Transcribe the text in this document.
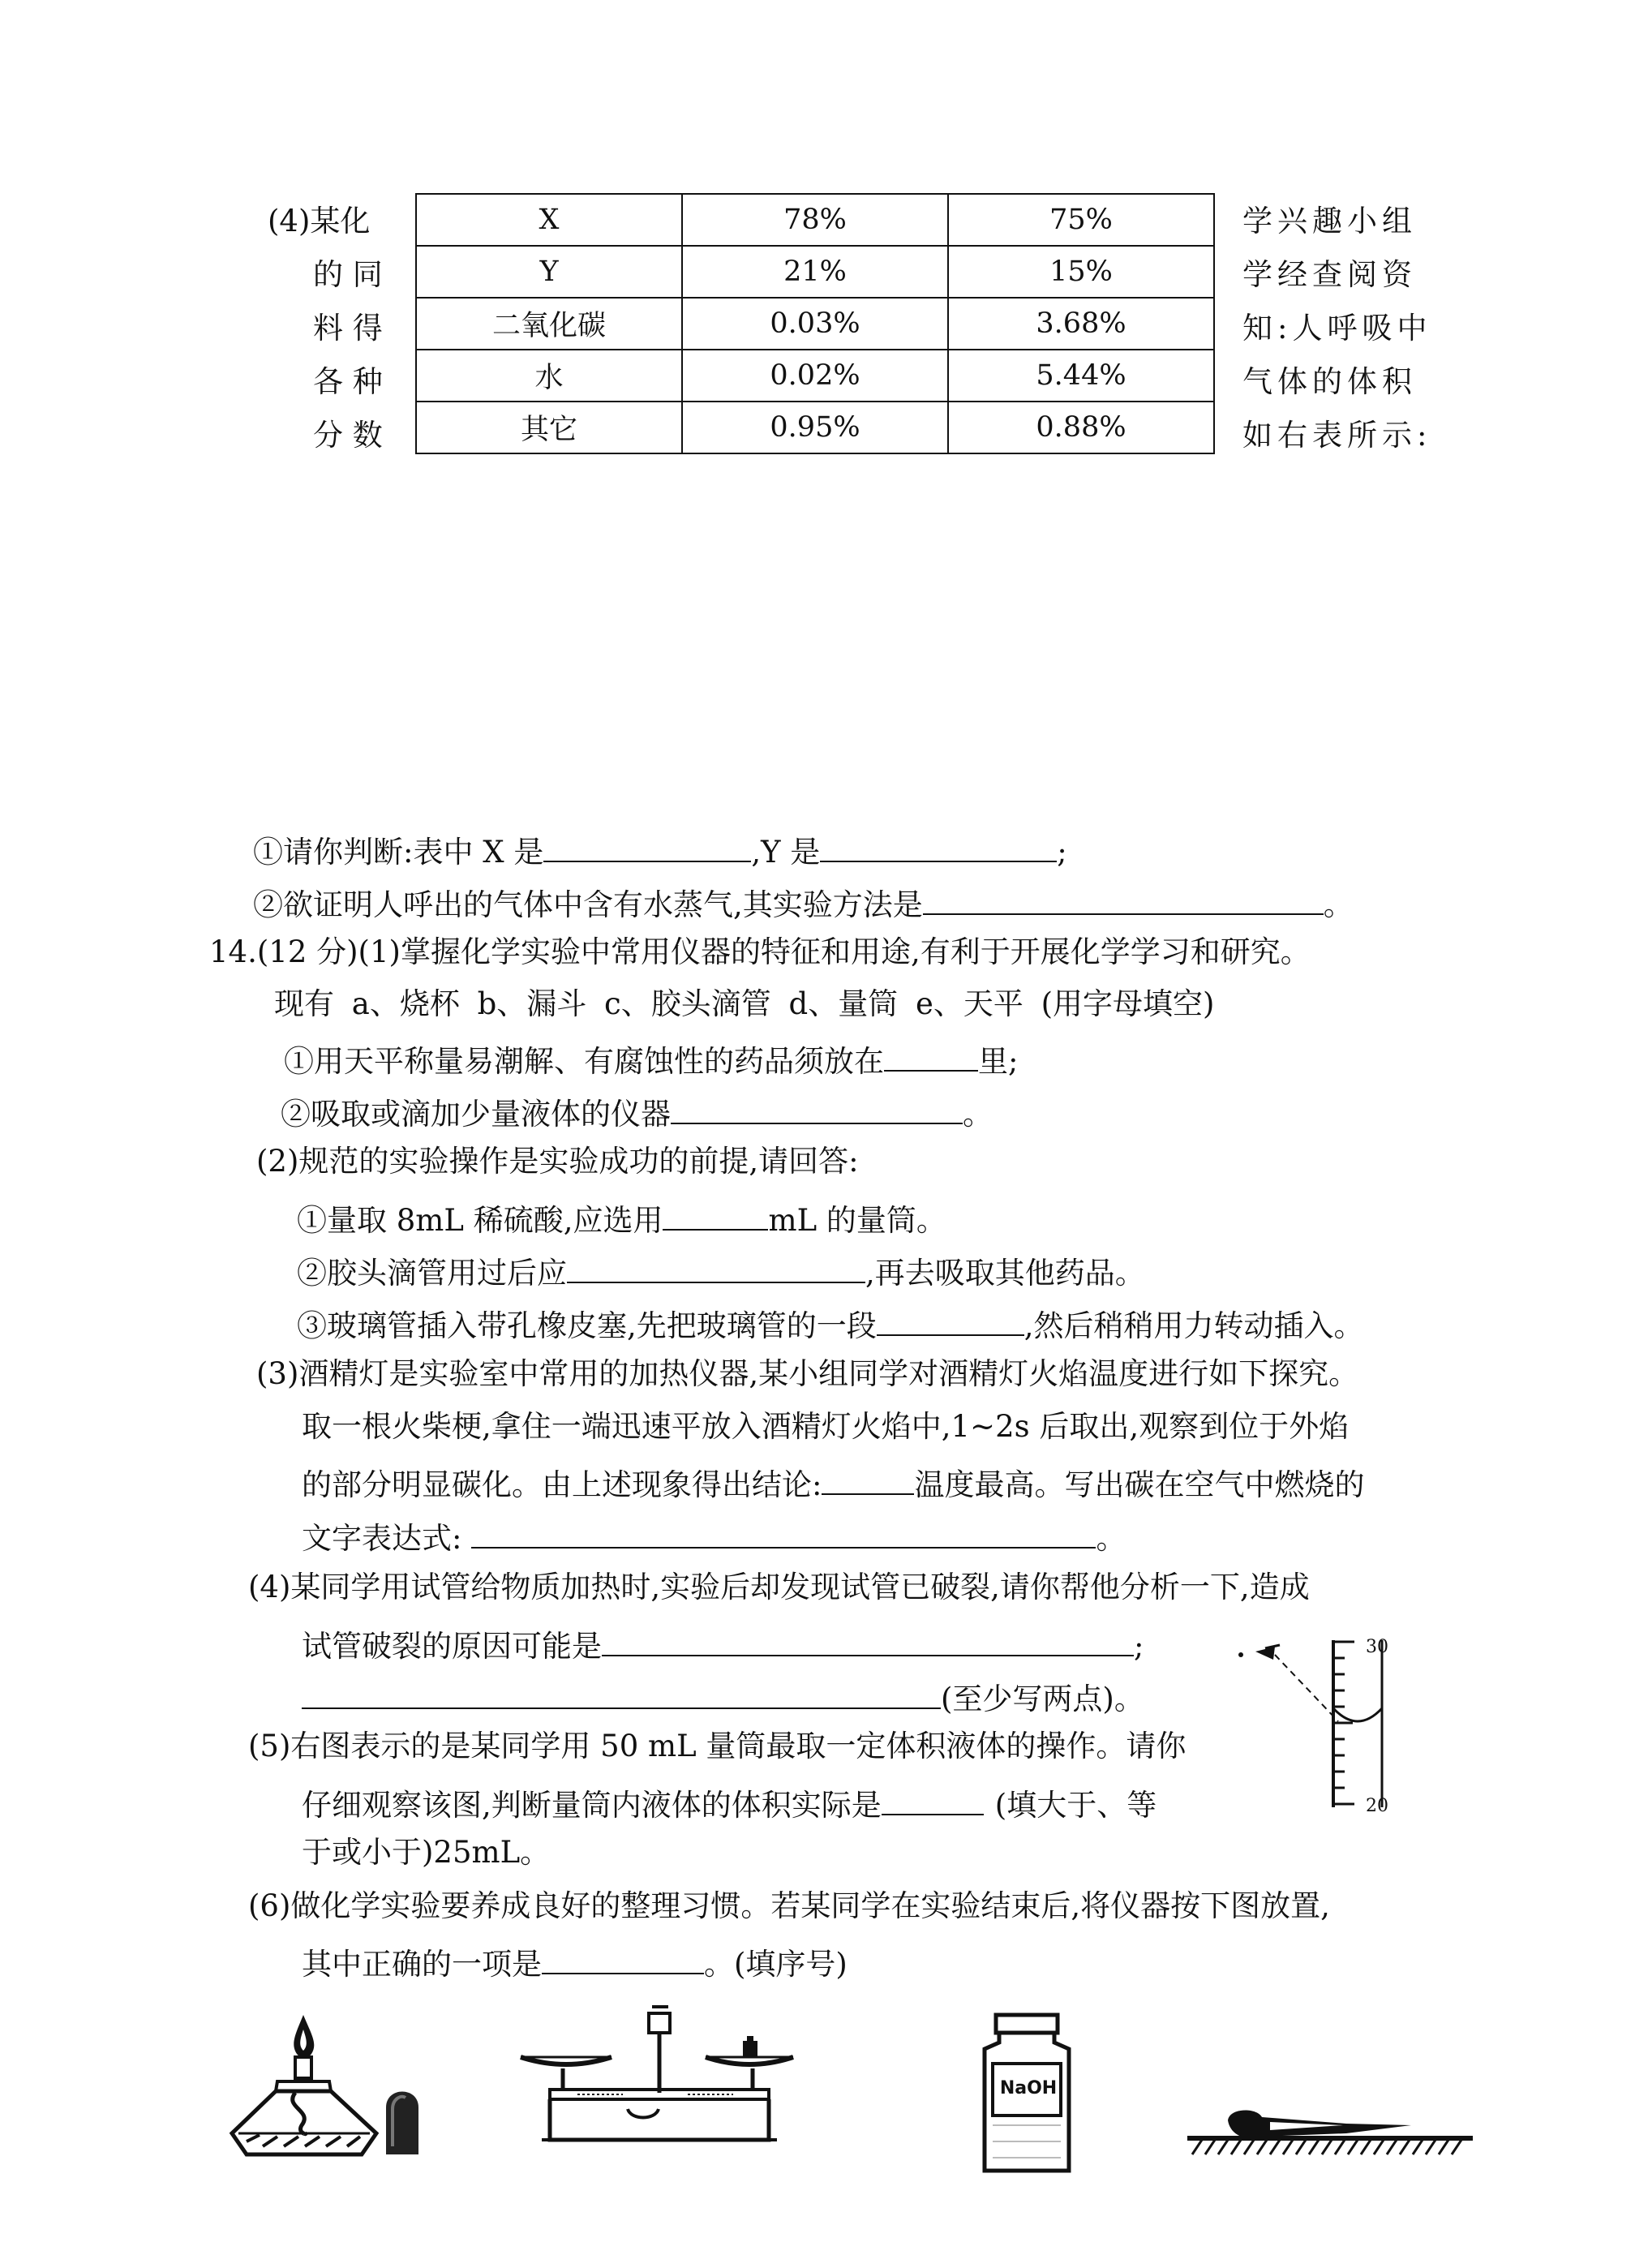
(4)某化
的 同
料 得
各 种
分 数
X	78%	75%
Y	21%	15%
二氧化碳	0.03%	3.68%
水	0.02%	5.44%
其它	0.95%	0.88%
学兴趣小组
学经查阅资
知:人呼吸中
气体的体积
如右表所示:
①请你判断:表中 X 是	,Y 是	;
②欲证明人呼出的气体中含有水蒸气,其实验方法是	。
14.(12 分)(1)掌握化学实验中常用仪器的特征和用途,有利于开展化学学习和研究。
现有 a、烧杯 b、漏斗 c、胶头滴管 d、量筒 e、天平 (用字母填空)
①用天平称量易潮解、有腐蚀性的药品须放在	里;
②吸取或滴加少量液体的仪器	。
(2)规范的实验操作是实验成功的前提,请回答:
①量取 8mL 稀硫酸,应选用	mL 的量筒。
②胶头滴管用过后应	,再去吸取其他药品。
③玻璃管插入带孔橡皮塞,先把玻璃管的一段	,然后稍稍用力转动插入。
(3)酒精灯是实验室中常用的加热仪器,某小组同学对酒精灯火焰温度进行如下探究。
取一根火柴梗,拿住一端迅速平放入酒精灯火焰中,1~2s 后取出,观察到位于外焰
的部分明显碳化。由上述现象得出结论:	温度最高。写出碳在空气中燃烧的
文字表达式:	。
(4)某同学用试管给物质加热时,实验后却发现试管已破裂,请你帮他分析一下,造成
试管破裂的原因可能是	;
(至少写两点)。
(5)右图表示的是某同学用 50 mL 量筒最取一定体积液体的操作。请你
仔细观察该图,判断量筒内液体的体积实际是	(填大于、等
于或小于)25mL。
(6)做化学实验要养成良好的整理习惯。若某同学在实验结束后,将仪器按下图放置,
其中正确的一项是	。(填序号)
30
20
NaOH
